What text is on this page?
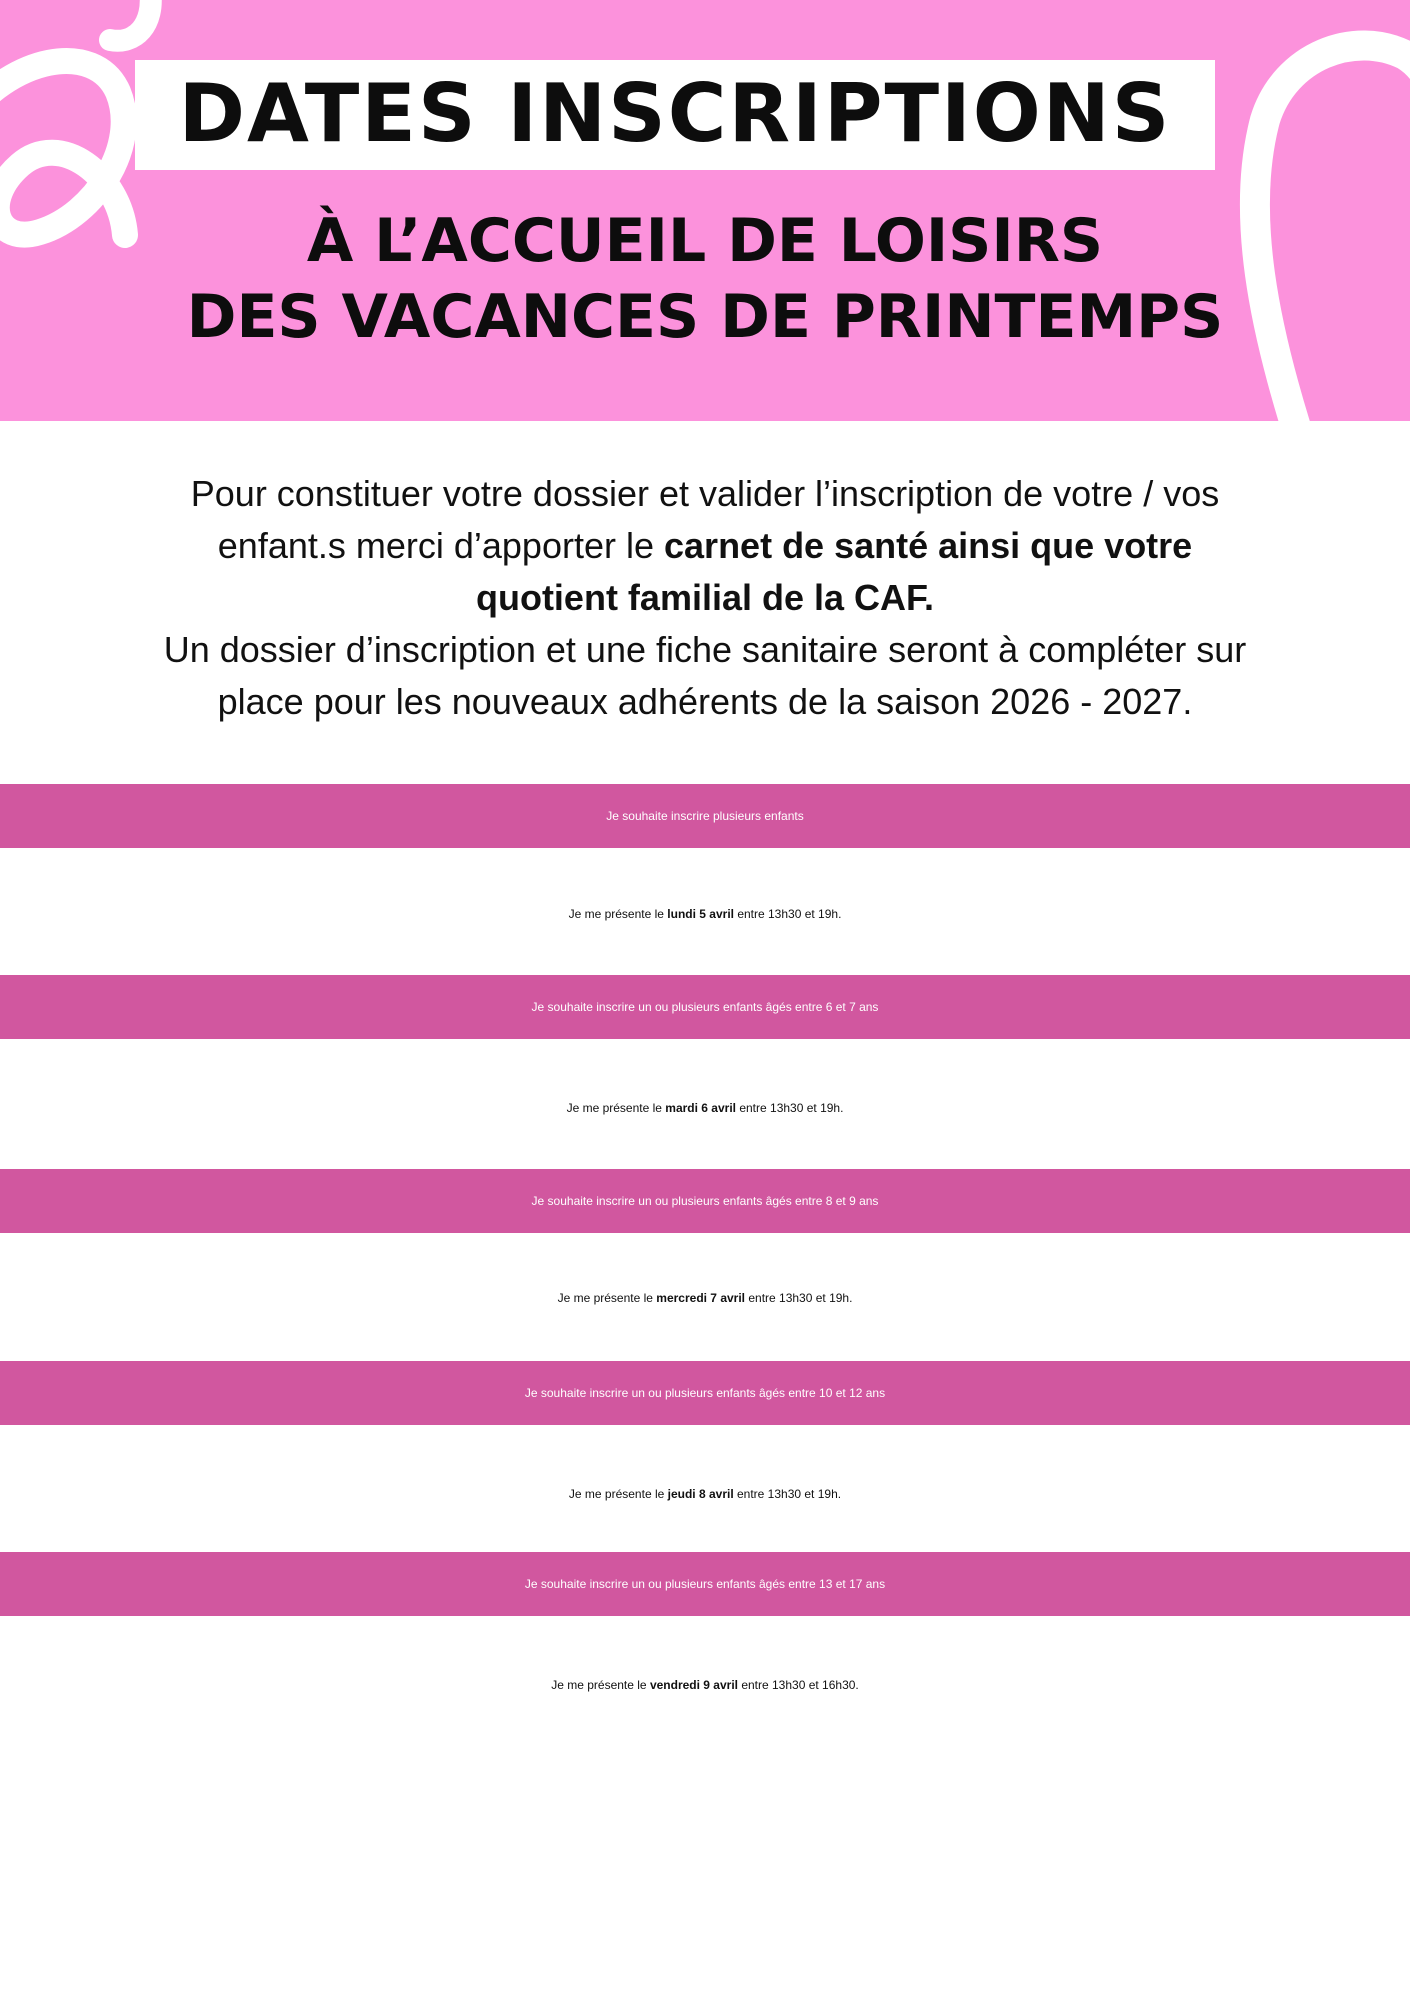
DATES INSCRIPTIONS
À L’ACCUEIL DE LOISIRS
DES VACANCES DE PRINTEMPS

Pour constituer votre dossier et valider l’inscription de votre / vos
enfant.s merci d’apporter le carnet de santé ainsi que votre
quotient familial de la CAF.
Un dossier d’inscription et une fiche sanitaire seront à compléter sur
place pour les nouveaux adhérents de la saison 2026 - 2027.

Je souhaite inscrire plusieurs enfants
Je me présente le lundi 5 avril entre 13h30 et 19h.
Je souhaite inscrire un ou plusieurs enfants âgés entre 6 et 7 ans
Je me présente le mardi 6 avril entre 13h30 et 19h.
Je souhaite inscrire un ou plusieurs enfants âgés entre 8 et 9 ans
Je me présente le mercredi 7 avril entre 13h30 et 19h.
Je souhaite inscrire un ou plusieurs enfants âgés entre 10 et 12 ans
Je me présente le jeudi 8 avril entre 13h30 et 19h.
Je souhaite inscrire un ou plusieurs enfants âgés entre 13 et 17 ans
Je me présente le vendredi 9 avril entre 13h30 et 16h30.
